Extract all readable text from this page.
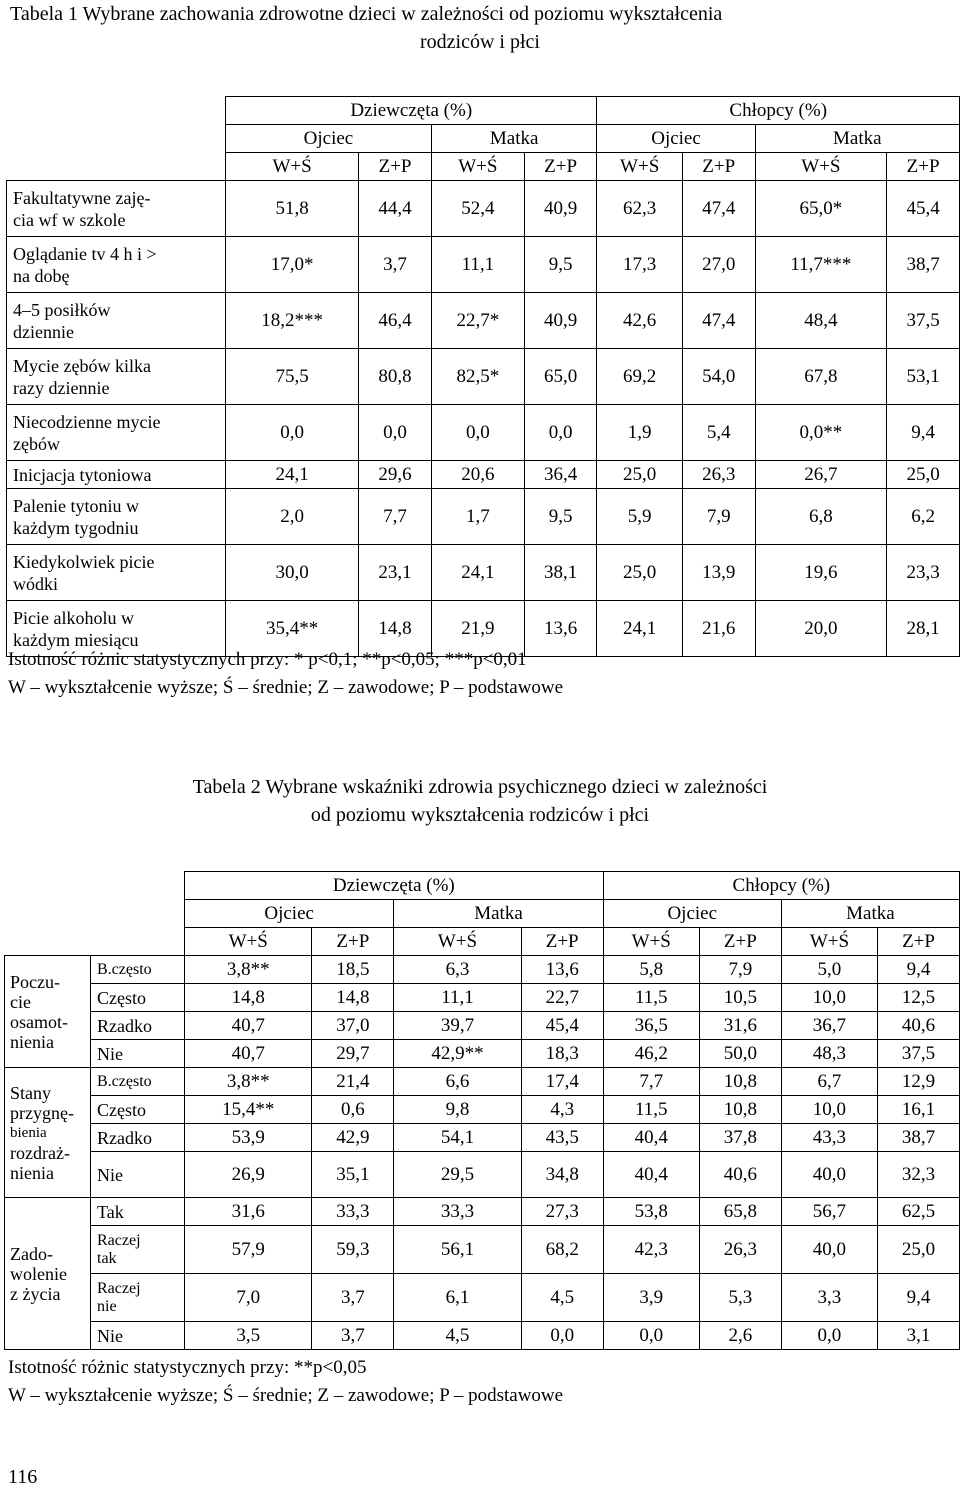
Tabela 1 Wybrane zachowania zdrowotne dzieci w zależności od poziomu wykształcenia
rodziców i płci
	Dziewczęta (%)				Chłopcy (%)			
	Ojciec		Matka		Ojciec		Matka	
	W+Ś	Z+P	W+Ś	Z+P	W+Ś	Z+P	W+Ś	Z+P

Fakultatywne zaję-
cia wf w szkole	51,8	44,4	52,4	40,9	62,3	47,4	65,0*	45,4

Oglądanie tv 4 h i >
na dobę	17,0*	3,7	11,1	9,5	17,3	27,0	11,7***	38,7

4–5 posiłków
dziennie	18,2***	46,4	22,7*	40,9	42,6	47,4	48,4	37,5

Mycie zębów kilka
razy dziennie	75,5	80,8	82,5*	65,0	69,2	54,0	67,8	53,1

Niecodzienne mycie
zębów	0,0	0,0	0,0	0,0	1,9	5,4	0,0**	9,4

Inicjacja tytoniowa	24,1	29,6	20,6	36,4	25,0	26,3	26,7	25,0

Palenie tytoniu w
każdym tygodniu	2,0	7,7	1,7	9,5	5,9	7,9	6,8	6,2

Kiedykolwiek picie
wódki	30,0	23,1	24,1	38,1	25,0	13,9	19,6	23,3

Picie alkoholu w
każdym miesiącu	35,4**	14,8	21,9	13,6	24,1	21,6	20,0	28,1
Istotność różnic statystycznych przy: * p<0,1; **p<0,05; ***p<0,01
W – wykształcenie wyższe; Ś – średnie; Z – zawodowe; P – podstawowe
Tabela 2 Wybrane wskaźniki zdrowia psychicznego dzieci w zależności
od poziomu wykształcenia rodziców i płci
		Dziewczęta (%)				Chłopcy (%)			
		Ojciec		Matka		Ojciec		Matka	
		W+Ś	Z+P	W+Ś	Z+P	W+Ś	Z+P	W+Ś	Z+P

Poczu-
cie
osamot-
nienia	B.często	3,8**	18,5	6,3	13,6	5,8	7,9	5,0	9,4
	Często	14,8	14,8	11,1	22,7	11,5	10,5	10,0	12,5
	Rzadko	40,7	37,0	39,7	45,4	36,5	31,6	36,7	40,6
	Nie	40,7	29,7	42,9**	18,3	46,2	50,0	48,3	37,5

Stany
przygnę-
bienia
rozdraż-
nienia	B.często	3,8**	21,4	6,6	17,4	7,7	10,8	6,7	12,9
	Często	15,4**	0,6	9,8	4,3	11,5	10,8	10,0	16,1
	Rzadko	53,9	42,9	54,1	43,5	40,4	37,8	43,3	38,7
	Nie	26,9	35,1	29,5	34,8	40,4	40,6	40,0	32,3

Zado-
wolenie
z życia	Tak	31,6	33,3	33,3	27,3	53,8	65,8	56,7	62,5
	Raczej tak	57,9	59,3	56,1	68,2	42,3	26,3	40,0	25,0
	Raczej nie	7,0	3,7	6,1	4,5	3,9	5,3	3,3	9,4
	Nie	3,5	3,7	4,5	0,0	0,0	2,6	0,0	3,1
Istotność różnic statystycznych przy: **p<0,05
W – wykształcenie wyższe; Ś – średnie; Z – zawodowe; P – podstawowe
116
